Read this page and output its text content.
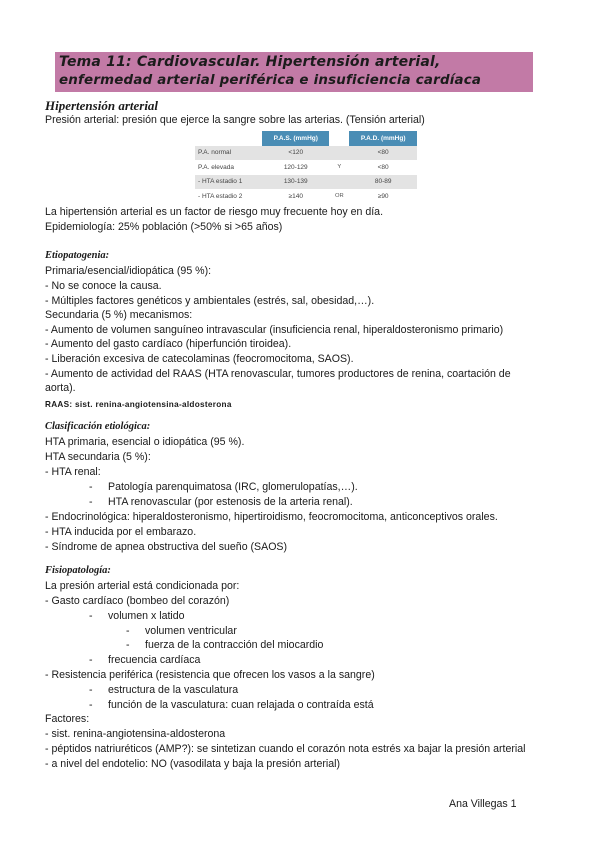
Tema 11: Cardiovascular. Hipertensión arterial,
enfermedad arterial periférica e insuficiencia cardíaca
Hipertensión arterial
Presión arterial: presión que ejerce la sangre sobre las arterias. (Tensión arterial)
	P.A.S. (mmHg)		P.A.D. (mmHg)
P.A. normal	<120		<80
P.A. elevada	120-129	Y	<80
- HTA estadio 1	130-139		80-89
- HTA estadio 2	≥140	OR	≥90
La hipertensión arterial es un factor de riesgo muy frecuente hoy en día.
Epidemiología: 25% población (>50% si >65 años)
Etiopatogenia:
Primaria/esencial/idiopática (95 %):
- No se conoce la causa.
- Múltiples factores genéticos y ambientales (estrés, sal, obesidad,…).
Secundaria (5 %) mecanismos:
- Aumento de volumen sanguíneo intravascular (insuficiencia renal, hiperaldosteronismo primario)
- Aumento del gasto cardíaco (hiperfunción tiroidea).
- Liberación excesiva de catecolaminas (feocromocitoma, SAOS).
- Aumento de actividad del RAAS (HTA renovascular, tumores productores de renina, coartación de
aorta).
RAAS: sist. renina-angiotensina-aldosterona
Clasificación etiológica:
HTA primaria, esencial o idiopática (95 %).
HTA secundaria (5 %):
- HTA renal:
- Patología parenquimatosa (IRC, glomerulopatías,…).
- HTA renovascular (por estenosis de la arteria renal).
- Endocrinológica: hiperaldosteronismo, hipertiroidismo, feocromocitoma, anticonceptivos orales.
- HTA inducida por el embarazo.
- Síndrome de apnea obstructiva del sueño (SAOS)
Fisiopatología:
La presión arterial está condicionada por:
- Gasto cardíaco (bombeo del corazón)
- volumen x latido
- volumen ventricular
- fuerza de la contracción del miocardio
- frecuencia cardíaca
- Resistencia periférica (resistencia que ofrecen los vasos a la sangre)
- estructura de la vasculatura
- función de la vasculatura: cuan relajada o contraída está
Factores:
- sist. renina-angiotensina-aldosterona
- péptidos natriuréticos (AMP?): se sintetizan cuando el corazón nota estrés xa bajar la presión arterial
- a nivel del endotelio: NO (vasodilata y baja la presión arterial)
Ana Villegas 1
